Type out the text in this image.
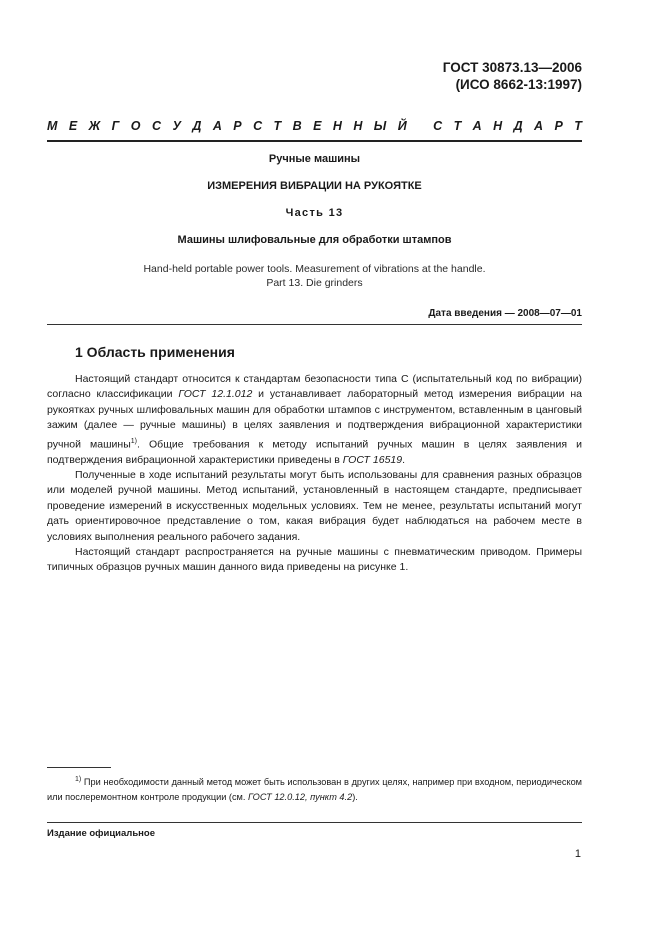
ГОСТ 30873.13—2006
(ИСО 8662-13:1997)
М Е Ж Г О С У Д А Р С Т В Е Н Н Ы Й
С Т А Н Д А Р Т
Ручные машины
ИЗМЕРЕНИЯ ВИБРАЦИИ НА РУКОЯТКЕ
Часть 13
Машины шлифовальные для обработки штампов
Hand-held portable power tools. Measurement of vibrations at the handle.
Part 13. Die grinders
Дата введения — 2008—07—01
1 Область применения

Настоящий стандарт относится к стандартам безопасности типа С (испытательный код по вибрации) согласно классификации ГОСТ 12.1.012 и устанавливает лабораторный метод измерения вибрации на рукоятках ручных шлифовальных машин для обработки штампов с инструментом, вставленным в цанговый зажим (далее — ручные машины) в целях заявления и подтверждения вибрационной характеристики ручной машины$^{1)}$. Общие требования к методу испытаний ручных машин в целях заявления и подтверждения вибрационной характеристики приведены в ГОСТ 16519.

Полученные в ходе испытаний результаты могут быть использованы для сравнения разных образцов или моделей ручной машины. Метод испытаний, установленный в настоящем стандарте, предписывает проведение измерений в искусственных модельных условиях. Тем не менее, результаты испытаний могут дать ориентировочное представление о том, какая вибрация будет наблюдаться на рабочем месте в условиях выполнения реального рабочего задания.

Настоящий стандарт распространяется на ручные машины с пневматическим приводом. Примеры типичных образцов ручных машин данного вида приведены на рисунке 1.

$^{1)}$ При необходимости данный метод может быть использован в других целях, например при входном, периодическом или послеремонтном контроле продукции (см. ГОСТ 12.0.12, пункт 4.2).

Издание официальное
1
